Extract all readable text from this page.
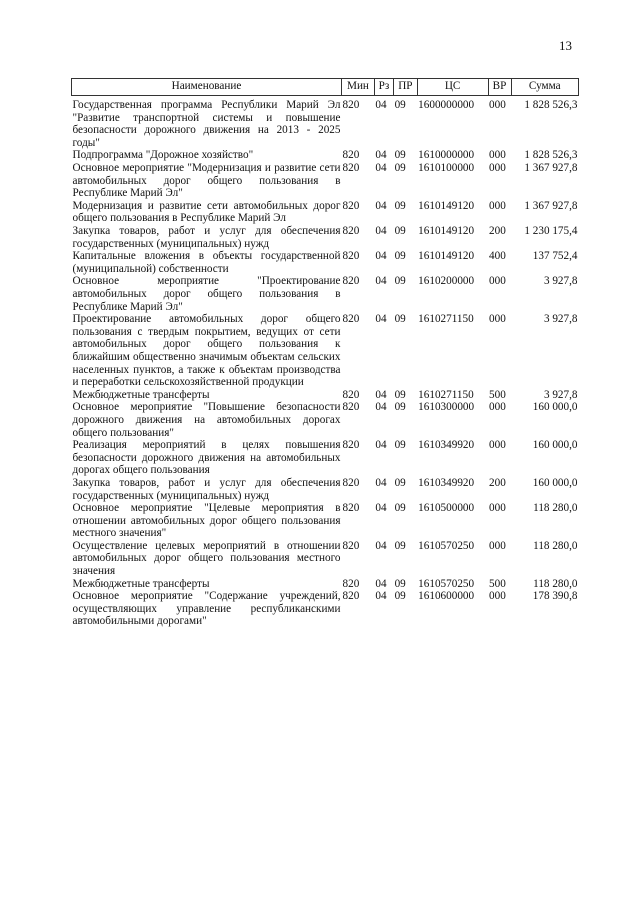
13
Наименование	Мин	Рз	ПР	ЦС	ВР	Сумма

Государственная программа Республики Марий Эл "Развитие транспортной системы и повышение безопасности дорожного движения на 2013 - 2025 годы"	820	04	09	1600000000	000	1 828 526,3
Подпрограмма "Дорожное хозяйство"	820	04	09	1610000000	000	1 828 526,3
Основное мероприятие "Модернизация и развитие сети автомобильных дорог общего пользования в Республике Марий Эл"	820	04	09	1610100000	000	1 367 927,8
Модернизация и развитие сети автомобильных дорог общего пользования в Республике Марий Эл	820	04	09	1610149120	000	1 367 927,8
Закупка товаров, работ и услуг для обеспечения государственных (муниципальных) нужд	820	04	09	1610149120	200	1 230 175,4
Капитальные вложения в объекты государственной (муниципальной) собственности	820	04	09	1610149120	400	137 752,4
Основное мероприятие "Проектирование автомобильных дорог общего пользования в Республике Марий Эл"	820	04	09	1610200000	000	3 927,8
Проектирование автомобильных дорог общего пользования с твердым покрытием, ведущих от сети автомобильных дорог общего пользования к ближайшим общественно значимым объектам сельских населенных пунктов, а также к объектам производства и переработки сельскохозяйственной продукции	820	04	09	1610271150	000	3 927,8
Межбюджетные трансферты	820	04	09	1610271150	500	3 927,8
Основное мероприятие "Повышение безопасности дорожного движения на автомобильных дорогах общего пользования"	820	04	09	1610300000	000	160 000,0
Реализация мероприятий в целях повышения безопасности дорожного движения на автомобильных дорогах общего пользования	820	04	09	1610349920	000	160 000,0
Закупка товаров, работ и услуг для обеспечения государственных (муниципальных) нужд	820	04	09	1610349920	200	160 000,0
Основное мероприятие "Целевые мероприятия в отношении автомобильных дорог общего пользования местного значения"	820	04	09	1610500000	000	118 280,0
Осуществление целевых мероприятий в отношении автомобильных дорог общего пользования местного значения	820	04	09	1610570250	000	118 280,0
Межбюджетные трансферты	820	04	09	1610570250	500	118 280,0
Основное мероприятие "Содержание учреждений, осуществляющих управление республиканскими автомобильными дорогами"	820	04	09	1610600000	000	178 390,8
